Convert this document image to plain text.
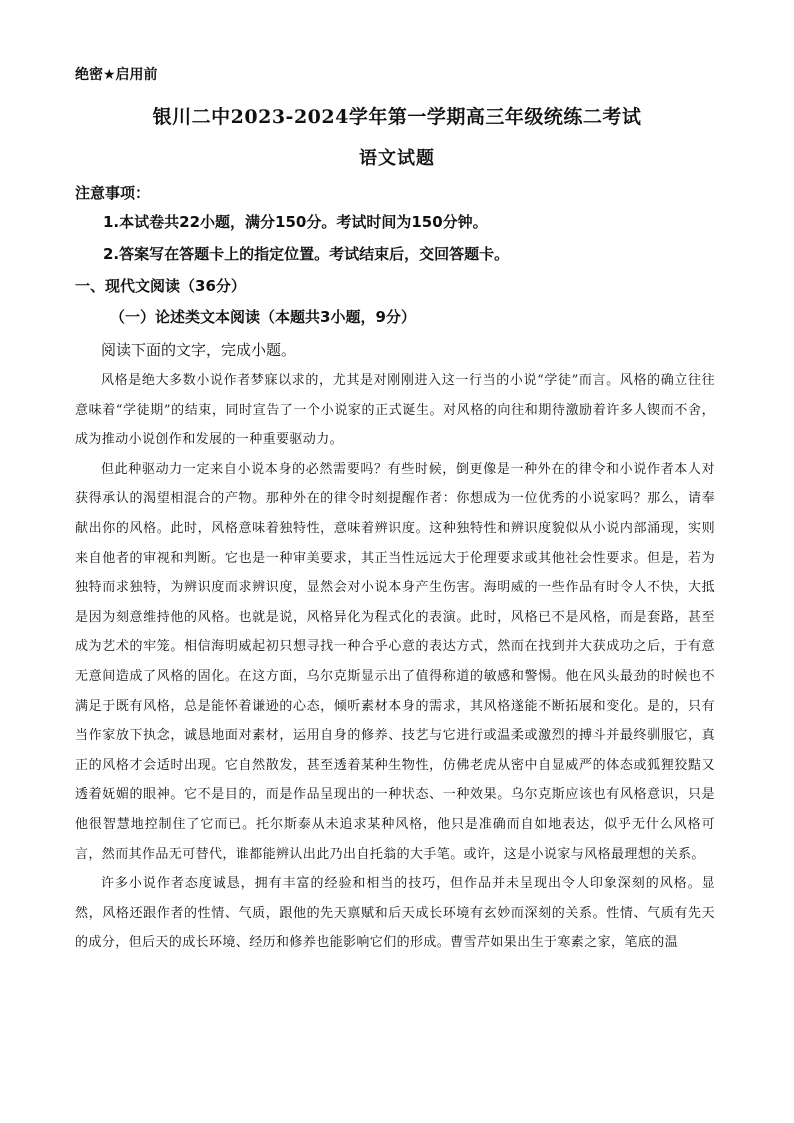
绝密★启用前
银川二中2023-2024学年第一学期高三年级统练二考试
语文试题
注意事项：
1.本试卷共22小题，满分150分。考试时间为150分钟。
2.答案写在答题卡上的指定位置。考试结束后，交回答题卡。
一、现代文阅读（36分）
（一）论述类文本阅读（本题共3小题，9分）
阅读下面的文字，完成小题。

风格是绝大多数小说作者梦寐以求的，尤其是对刚刚进入这一行当的小说“学徒”而言。风格的确立往往意味着“学徒期”的结束，同时宣告了一个小说家的正式诞生。对风格的向往和期待激励着许多人锲而不舍，成为推动小说创作和发展的一种重要驱动力。

但此种驱动力一定来自小说本身的必然需要吗？有些时候，倒更像是一种外在的律令和小说作者本人对获得承认的渴望相混合的产物。那种外在的律令时刻提醒作者：你想成为一位优秀的小说家吗？那么，请奉献出你的风格。此时，风格意味着独特性，意味着辨识度。这种独特性和辨识度貌似从小说内部涌现，实则来自他者的审视和判断。它也是一种审美要求，其正当性远远大于伦理要求或其他社会性要求。但是，若为独特而求独特，为辨识度而求辨识度，显然会对小说本身产生伤害。海明威的一些作品有时令人不快，大抵是因为刻意维持他的风格。也就是说，风格异化为程式化的表演。此时，风格已不是风格，而是套路，甚至成为艺术的牢笼。相信海明威起初只想寻找一种合乎心意的表达方式，然而在找到并大获成功之后，于有意无意间造成了风格的固化。在这方面，乌尔克斯显示出了值得称道的敏感和警惕。他在风头最劲的时候也不满足于既有风格，总是能怀着谦逊的心态，倾听素材本身的需求，其风格遂能不断拓展和变化。是的，只有当作家放下执念，诚恳地面对素材，运用自身的修养、技艺与它进行或温柔或激烈的搏斗并最终驯服它，真正的风格才会适时出现。它自然散发，甚至透着某种生物性，仿佛老虎从密中自显威严的体态或狐狸狡黠又透着妩媚的眼神。它不是目的，而是作品呈现出的一种状态、一种效果。乌尔克斯应该也有风格意识，只是他很智慧地控制住了它而已。托尔斯泰从未追求某种风格，他只是准确而自如地表达，似乎无什么风格可言，然而其作品无可替代，谁都能辨认出此乃出自托翁的大手笔。或许，这是小说家与风格最理想的关系。

许多小说作者态度诚恳，拥有丰富的经验和相当的技巧，但作品并未呈现出令人印象深刻的风格。显然，风格还跟作者的性情、气质，跟他的先天禀赋和后天成长环境有玄妙而深刻的关系。性情、气质有先天的成分，但后天的成长环境、经历和修养也能影响它们的形成。曹雪芹如果出生于寒素之家，笔底的温
